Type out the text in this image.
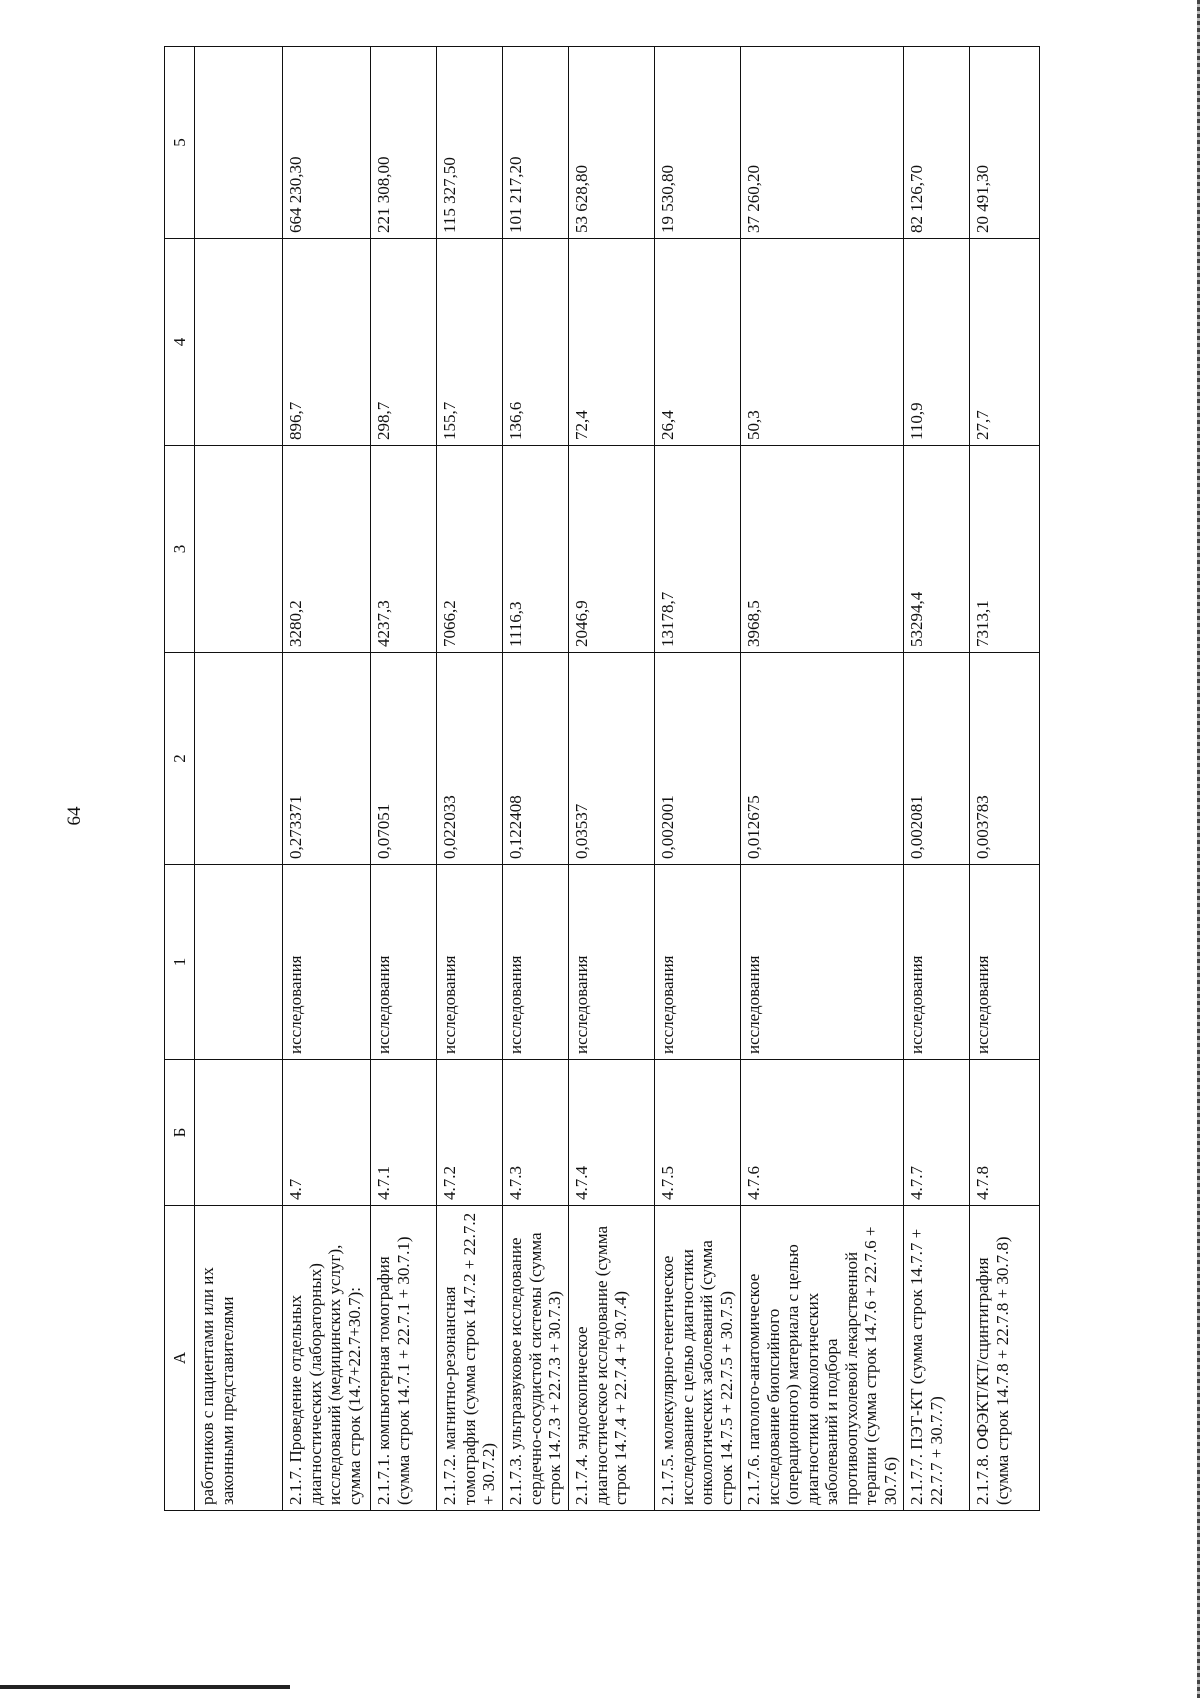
64
А	Б	1	2	3	4	5
работников с пациентами или их законными представителями						
2.1.7. Проведение отдельных диагностических (лабораторных) исследований (медицинских услуг), сумма строк (14.7+22.7+30.7):	4.7	исследования	0,273371	3280,2	896,7	664 230,30
2.1.7.1. компьютерная томография (сумма строк 14.7.1 + 22.7.1 + 30.7.1)	4.7.1	исследования	0,07051	4237,3	298,7	221 308,00
2.1.7.2. магнитно-резонансная томография (сумма строк 14.7.2 + 22.7.2 + 30.7.2)	4.7.2	исследования	0,022033	7066,2	155,7	115 327,50
2.1.7.3. ультразвуковое исследование сердечно-сосудистой системы (сумма строк 14.7.3 + 22.7.3 + 30.7.3)	4.7.3	исследования	0,122408	1116,3	136,6	101 217,20
2.1.7.4. эндоскопическое диагностическое исследование (сумма строк 14.7.4 + 22.7.4 + 30.7.4)	4.7.4	исследования	0,03537	2046,9	72,4	53 628,80
2.1.7.5. молекулярно-генетическое исследование с целью диагностики онкологических заболеваний (сумма строк 14.7.5 + 22.7.5 + 30.7.5)	4.7.5	исследования	0,002001	13178,7	26,4	19 530,80
2.1.7.6. патолого-анатомическое исследование биопсийного (операционного) материала с целью диагностики онкологических заболеваний и подбора противоопухолевой лекарственной терапии (сумма строк 14.7.6 + 22.7.6 + 30.7.6)	4.7.6	исследования	0,012675	3968,5	50,3	37 260,20
2.1.7.7. ПЭТ-КТ (сумма строк 14.7.7 + 22.7.7 + 30.7.7)	4.7.7	исследования	0,002081	53294,4	110,9	82 126,70
2.1.7.8. ОФЭКТ/КТ/сцинтиграфия (сумма строк 14.7.8 + 22.7.8 + 30.7.8)	4.7.8	исследования	0,003783	7313,1	27,7	20 491,30
